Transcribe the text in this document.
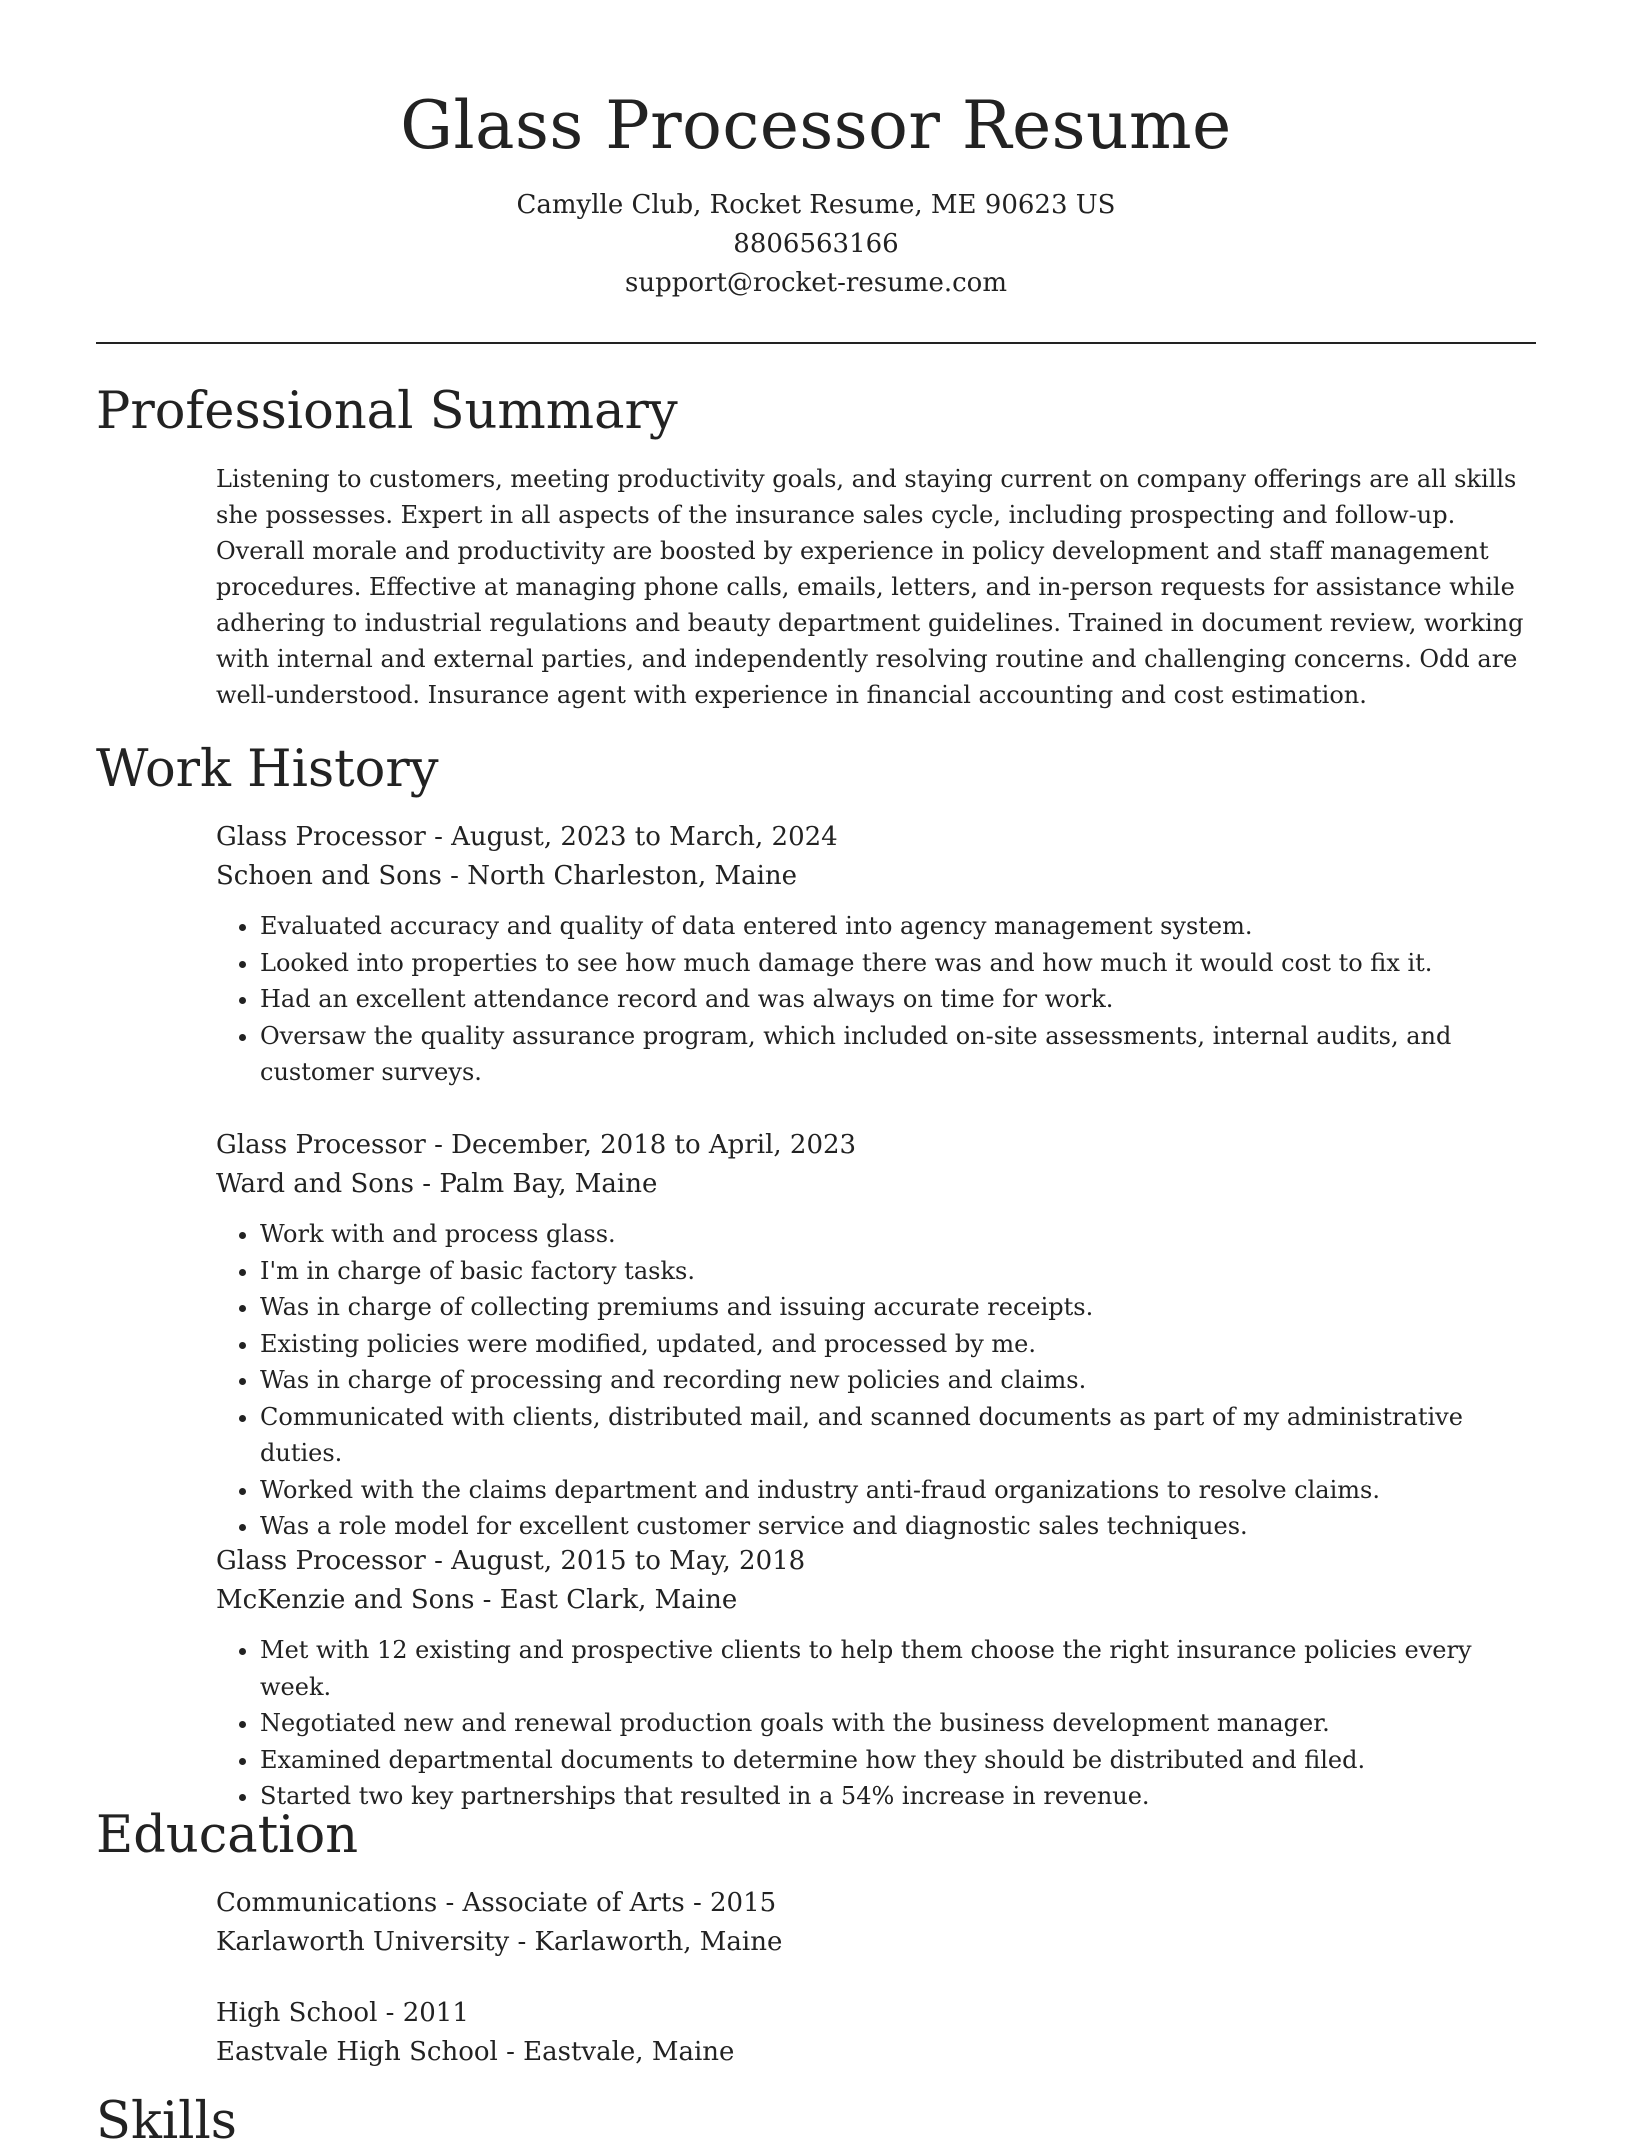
Glass Processor Resume

Camylle Club, Rocket Resume, ME 90623 US

8806563166

support@rocket-resume.com

Professional Summary

Listening to customers, meeting productivity goals, and staying current on company offerings are all skills she possesses. Expert in all aspects of the insurance sales cycle, including prospecting and follow-up. Overall morale and productivity are boosted by experience in policy development and staff management procedures. Effective at managing phone calls, emails, letters, and in-person requests for assistance while adhering to industrial regulations and beauty department guidelines. Trained in document review, working with internal and external parties, and independently resolving routine and challenging concerns. Odd are well-understood. Insurance agent with experience in financial accounting and cost estimation.

Work History

Glass Processor - August, 2023 to March, 2024

Schoen and Sons - North Charleston, Maine

• Evaluated accuracy and quality of data entered into agency management system.
• Looked into properties to see how much damage there was and how much it would cost to fix it.
• Had an excellent attendance record and was always on time for work.
• Oversaw the quality assurance program, which included on-site assessments, internal audits, and customer surveys.

Glass Processor - December, 2018 to April, 2023

Ward and Sons - Palm Bay, Maine

• Work with and process glass.
• I'm in charge of basic factory tasks.
• Was in charge of collecting premiums and issuing accurate receipts.
• Existing policies were modified, updated, and processed by me.
• Was in charge of processing and recording new policies and claims.
• Communicated with clients, distributed mail, and scanned documents as part of my administrative duties.
• Worked with the claims department and industry anti-fraud organizations to resolve claims.
• Was a role model for excellent customer service and diagnostic sales techniques.

Glass Processor - August, 2015 to May, 2018

McKenzie and Sons - East Clark, Maine

• Met with 12 existing and prospective clients to help them choose the right insurance policies every week.
• Negotiated new and renewal production goals with the business development manager.
• Examined departmental documents to determine how they should be distributed and filed.
• Started two key partnerships that resulted in a 54% increase in revenue.
Education

Communications - Associate of Arts - 2015

Karlaworth University - Karlaworth, Maine

High School - 2011

Eastvale High School - Eastvale, Maine

Skills
